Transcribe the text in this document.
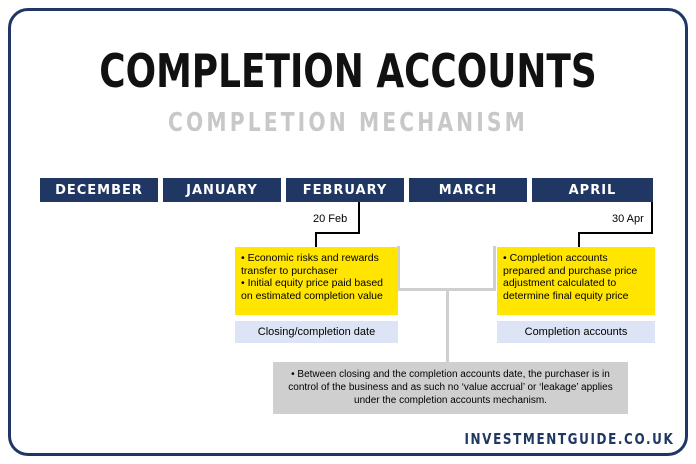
COMPLETION ACCOUNTS
COMPLETION MECHANISM
DECEMBER	JANUARY	FEBRUARY	MARCH	APRIL
20 Feb	30 Apr
• Economic risks and rewards transfer to purchaser
• Initial equity price paid based on estimated completion value
• Completion accounts prepared and purchase price adjustment calculated to determine final equity price
Closing/completion date	Completion accounts
• Between closing and the completion accounts date, the purchaser is in control of the business and as such no ‘value accrual’ or ‘leakage’ applies under the completion accounts mechanism.
INVESTMENTGUIDE.CO.UK
